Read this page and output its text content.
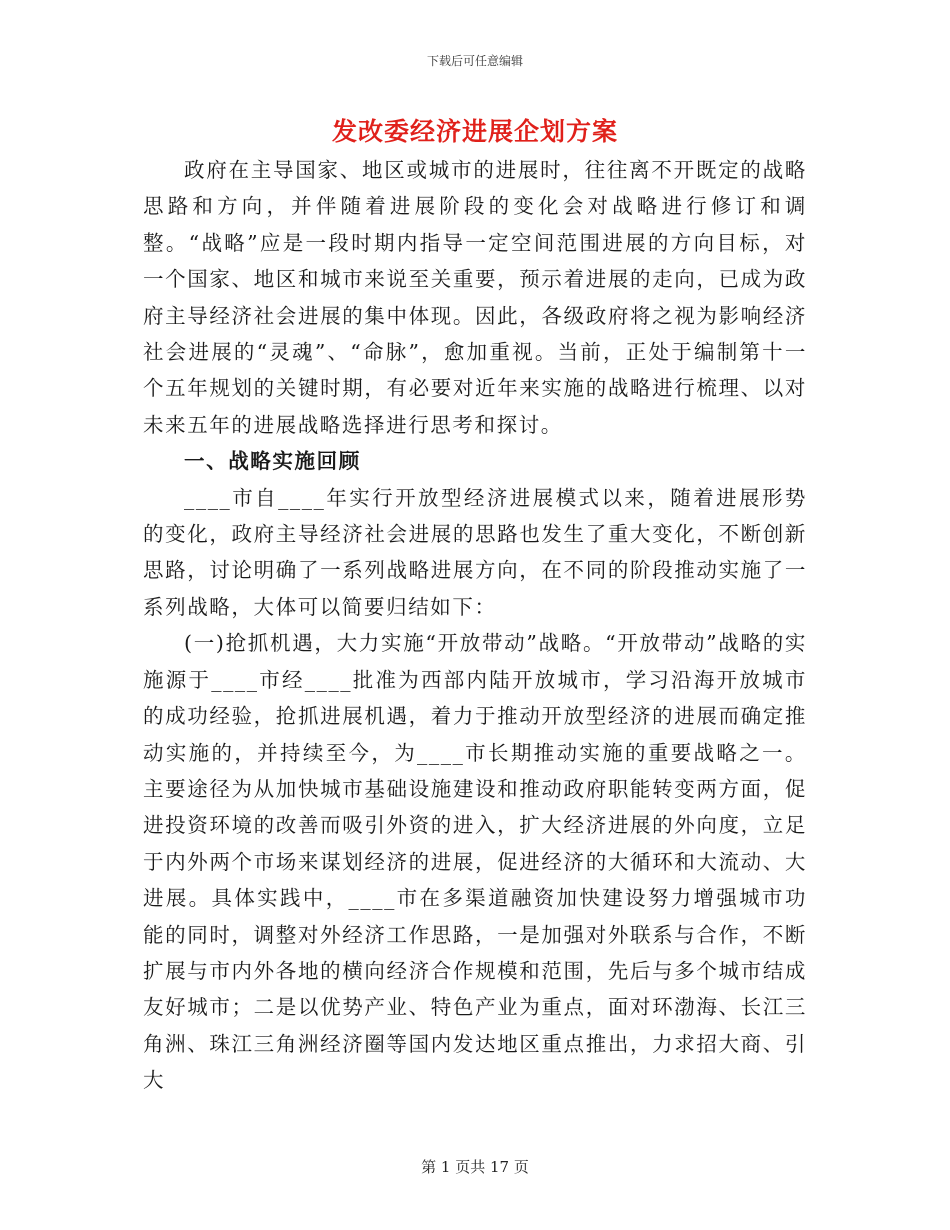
下载后可任意编辑
发改委经济进展企划方案

政府在主导国家、地区或城市的进展时，往往离不开既定的战略思路和方向，并伴随着进展阶段的变化会对战略进行修订和调整。“战略”应是一段时期内指导一定空间范围进展的方向目标，对一个国家、地区和城市来说至关重要，预示着进展的走向，已成为政府主导经济社会进展的集中体现。因此，各级政府将之视为影响经济社会进展的“灵魂”、“命脉”，愈加重视。当前，正处于编制第十一个五年规划的关键时期，有必要对近年来实施的战略进行梳理、以对未来五年的进展战略选择进行思考和探讨。

一、战略实施回顾

____市自____年实行开放型经济进展模式以来，随着进展形势的变化，政府主导经济社会进展的思路也发生了重大变化，不断创新思路，讨论明确了一系列战略进展方向，在不同的阶段推动实施了一系列战略，大体可以简要归结如下：

(一)抢抓机遇，大力实施“开放带动”战略。“开放带动”战略的实施源于____市经____批准为西部内陆开放城市，学习沿海开放城市的成功经验，抢抓进展机遇，着力于推动开放型经济的进展而确定推动实施的，并持续至今，为____市长期推动实施的重要战略之一。主要途径为从加快城市基础设施建设和推动政府职能转变两方面，促进投资环境的改善而吸引外资的进入，扩大经济进展的外向度，立足于内外两个市场来谋划经济的进展，促进经济的大循环和大流动、大进展。具体实践中，____市在多渠道融资加快建设努力增强城市功能的同时，调整对外经济工作思路，一是加强对外联系与合作，不断扩展与市内外各地的横向经济合作规模和范围，先后与多个城市结成友好城市；二是以优势产业、特色产业为重点，面对环渤海、长江三角洲、珠江三角洲经济圈等国内发达地区重点推出，力求招大商、引大

第 1 页共 17 页
